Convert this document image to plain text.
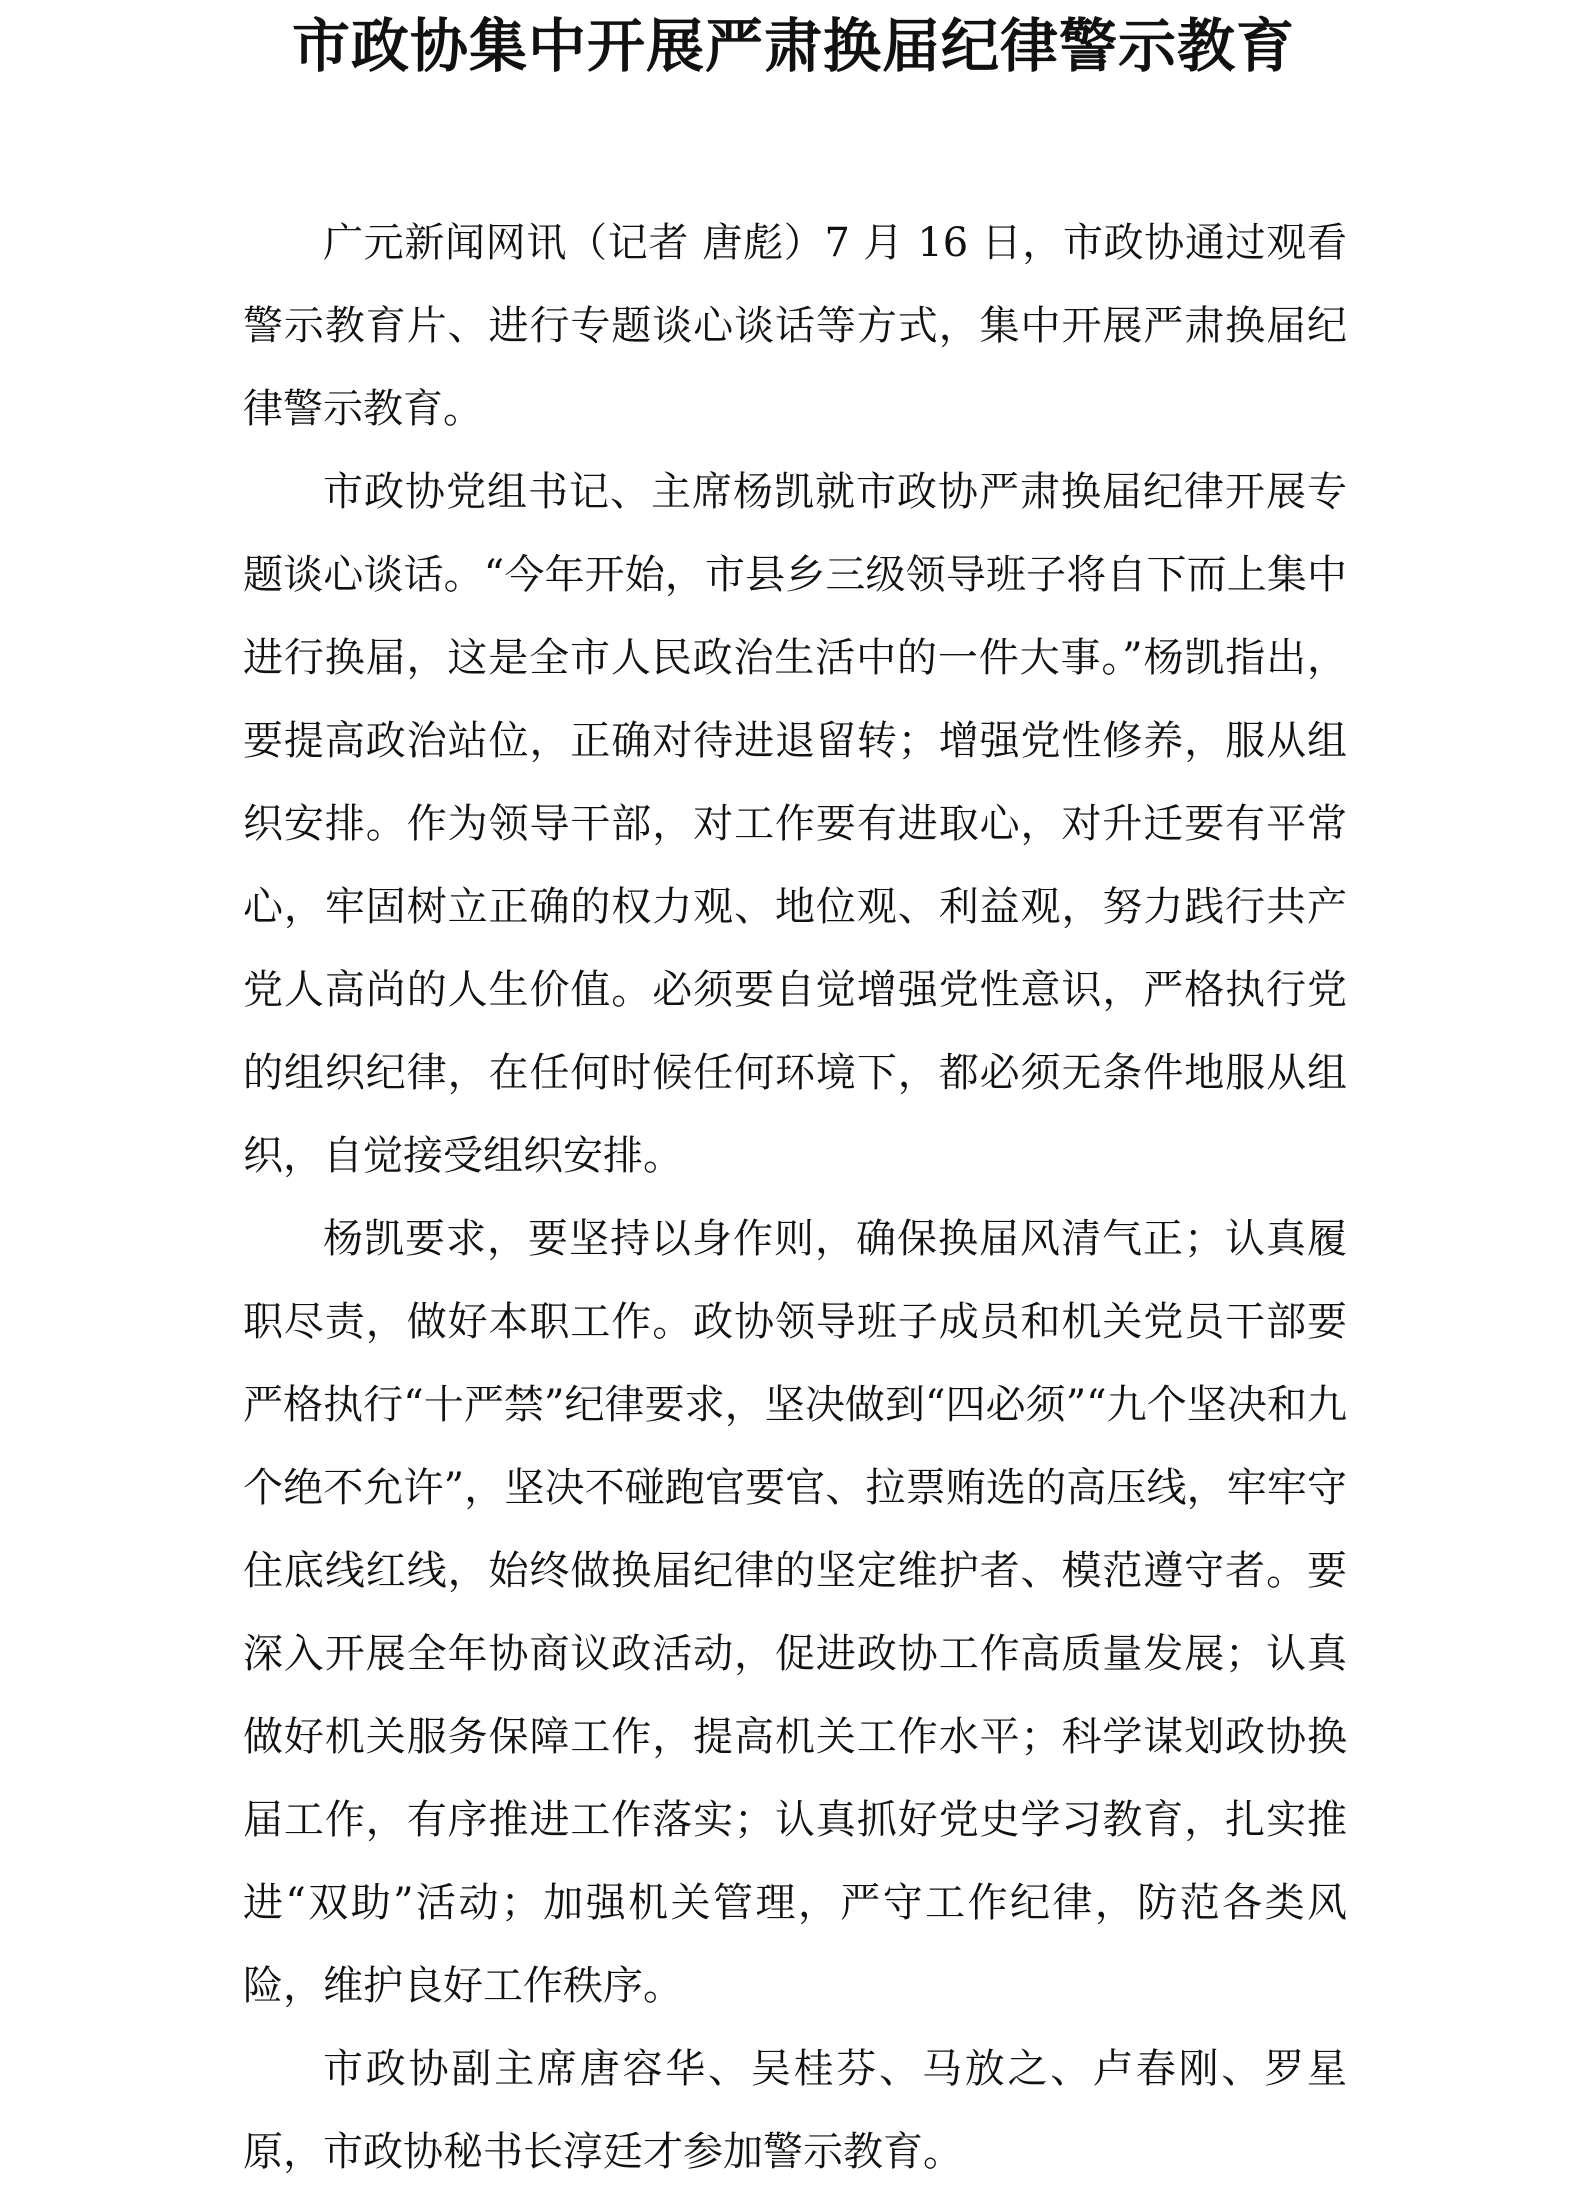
市政协集中开展严肃换届纪律警示教育

广元新闻网讯（记者 唐彪）7 月 16 日，市政协通过观看警示教育片、进行专题谈心谈话等方式，集中开展严肃换届纪律警示教育。

市政协党组书记、主席杨凯就市政协严肃换届纪律开展专题谈心谈话。“今年开始，市县乡三级领导班子将自下而上集中进行换届，这是全市人民政治生活中的一件大事。”杨凯指出，要提高政治站位，正确对待进退留转；增强党性修养，服从组织安排。作为领导干部，对工作要有进取心，对升迁要有平常心，牢固树立正确的权力观、地位观、利益观，努力践行共产党人高尚的人生价值。必须要自觉增强党性意识，严格执行党的组织纪律，在任何时候任何环境下，都必须无条件地服从组织，自觉接受组织安排。

杨凯要求，要坚持以身作则，确保换届风清气正；认真履职尽责，做好本职工作。政协领导班子成员和机关党员干部要严格执行“十严禁”纪律要求，坚决做到“四必须”“九个坚决和九个绝不允许”，坚决不碰跑官要官、拉票贿选的高压线，牢牢守住底线红线，始终做换届纪律的坚定维护者、模范遵守者。要深入开展全年协商议政活动，促进政协工作高质量发展；认真做好机关服务保障工作，提高机关工作水平；科学谋划政协换届工作，有序推进工作落实；认真抓好党史学习教育，扎实推进“双助”活动；加强机关管理，严守工作纪律，防范各类风险，维护良好工作秩序。

市政协副主席唐容华、吴桂芬、马放之、卢春刚、罗星原，市政协秘书长淳廷才参加警示教育。
